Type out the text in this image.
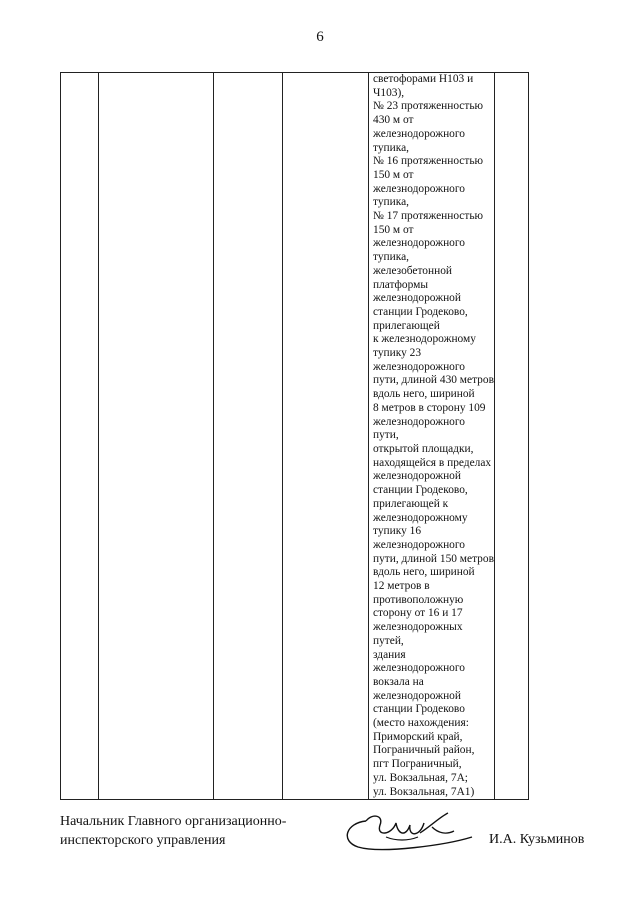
6

светофорами Н103 и
Ч103),
№ 23 протяженностью
430 м от
железнодорожного
тупика,
№ 16 протяженностью
150 м от
железнодорожного
тупика,
№ 17 протяженностью
150 м от
железнодорожного
тупика,
железобетонной
платформы
железнодорожной
станции Гродеково,
прилегающей
к железнодорожному
тупику 23
железнодорожного
пути, длиной 430 метров
вдоль него, шириной
8 метров в сторону 109
железнодорожного
пути,
открытой площадки,
находящейся в пределах
железнодорожной
станции Гродеково,
прилегающей к
железнодорожному
тупику 16
железнодорожного
пути, длиной 150 метров
вдоль него, шириной
12 метров в
противоположную
сторону от 16 и 17
железнодорожных
путей,
здания
железнодорожного
вокзала на
железнодорожной
станции Гродеково
(место нахождения:
Приморский край,
Пограничный район,
пгт Пограничный,
ул. Вокзальная, 7А;
ул. Вокзальная, 7А1)

Начальник Главного организационно-
инспекторского управления	И.А. Кузьминов
